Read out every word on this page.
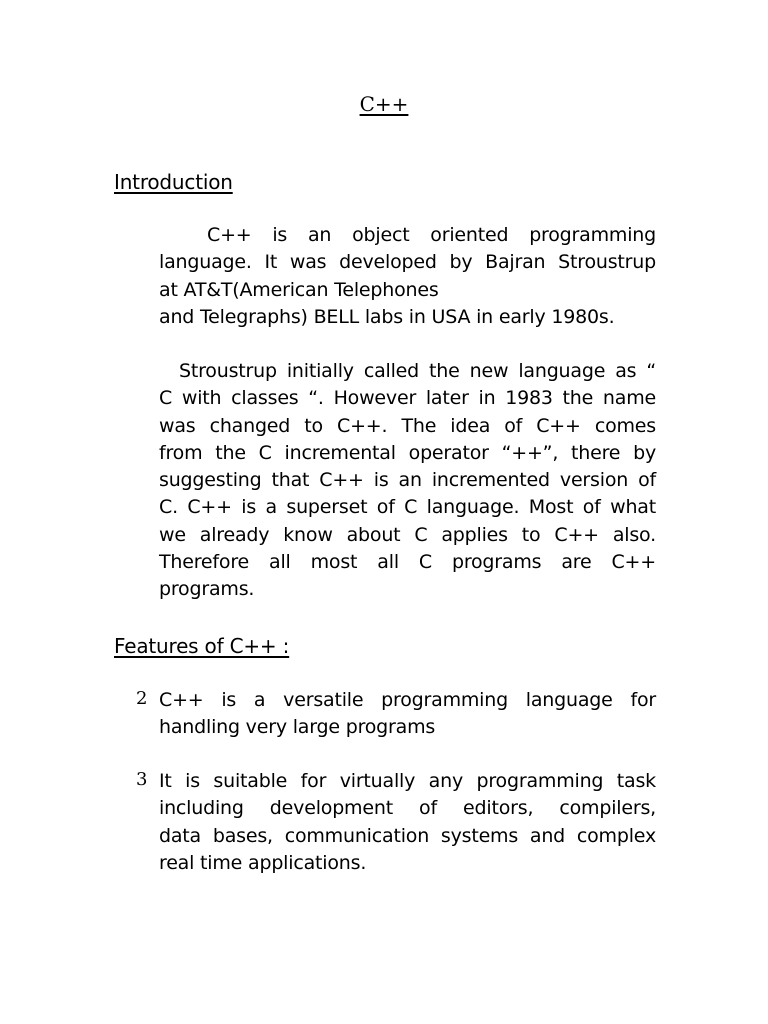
C++
Introduction
C++ is an object oriented programming
language. It was developed by Bajran Stroustrup
at AT&T(American Telephones
and Telegraphs) BELL labs in USA in early 1980s.
Stroustrup initially called the new language as “
C with classes “. However later in 1983 the name
was changed to C++. The idea of C++ comes
from the C incremental operator “++”, there by
suggesting that C++ is an incremented version of
C. C++ is a superset of C language. Most of what
we already know about C applies to C++ also.
Therefore all most all C programs are C++
programs.
Features of C++ :
2 C++ is a versatile programming language for
handling very large programs
3 It is suitable for virtually any programming task
including development of editors, compilers,
data bases, communication systems and complex
real time applications.
